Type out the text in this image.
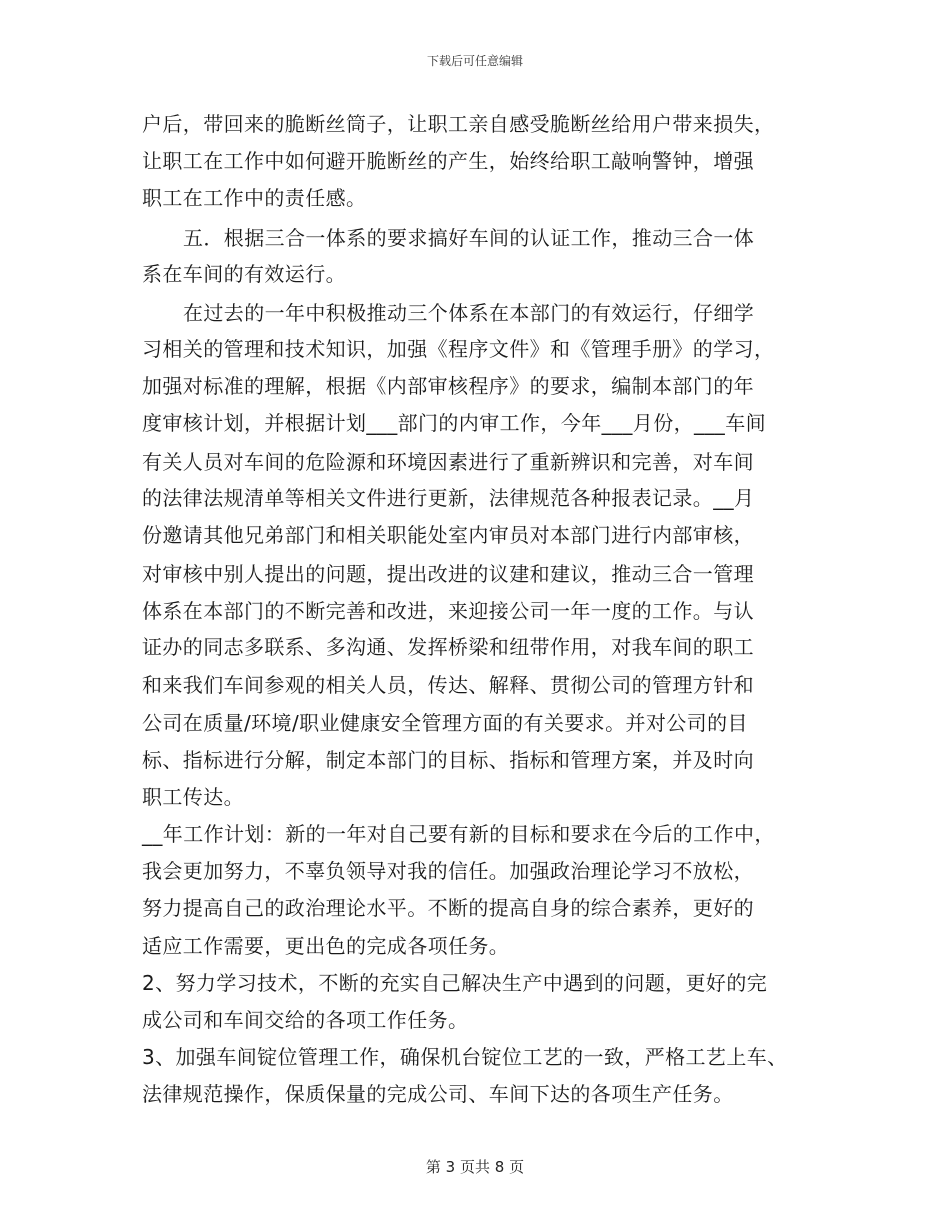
下载后可任意编辑
户后，带回来的脆断丝筒子，让职工亲自感受脆断丝给用户带来损失，
让职工在工作中如何避开脆断丝的产生，始终给职工敲响警钟，增强
职工在工作中的责任感。
五．根据三合一体系的要求搞好车间的认证工作，推动三合一体
系在车间的有效运行。
在过去的一年中积极推动三个体系在本部门的有效运行，仔细学
习相关的管理和技术知识，加强《程序文件》和《管理手册》的学习，
加强对标准的理解，根据《内部审核程序》的要求，编制本部门的年
度审核计划，并根据计划___部门的内审工作，今年___月份，___车间
有关人员对车间的危险源和环境因素进行了重新辨识和完善，对车间
的法律法规清单等相关文件进行更新，法律规范各种报表记录。__月
份邀请其他兄弟部门和相关职能处室内审员对本部门进行内部审核，
对审核中别人提出的问题，提出改进的议建和建议，推动三合一管理
体系在本部门的不断完善和改进，来迎接公司一年一度的工作。与认
证办的同志多联系、多沟通、发挥桥梁和纽带作用，对我车间的职工
和来我们车间参观的相关人员，传达、解释、贯彻公司的管理方针和
公司在质量/环境/职业健康安全管理方面的有关要求。并对公司的目
标、指标进行分解，制定本部门的目标、指标和管理方案，并及时向
职工传达。
__年工作计划：新的一年对自己要有新的目标和要求在今后的工作中，
我会更加努力，不辜负领导对我的信任。加强政治理论学习不放松，
努力提高自己的政治理论水平。不断的提高自身的综合素养，更好的
适应工作需要，更出色的完成各项任务。
2、努力学习技术，不断的充实自己解决生产中遇到的问题，更好的完
成公司和车间交给的各项工作任务。
3、加强车间锭位管理工作，确保机台锭位工艺的一致，严格工艺上车、
法律规范操作，保质保量的完成公司、车间下达的各项生产任务。
第 3 页共 8 页
